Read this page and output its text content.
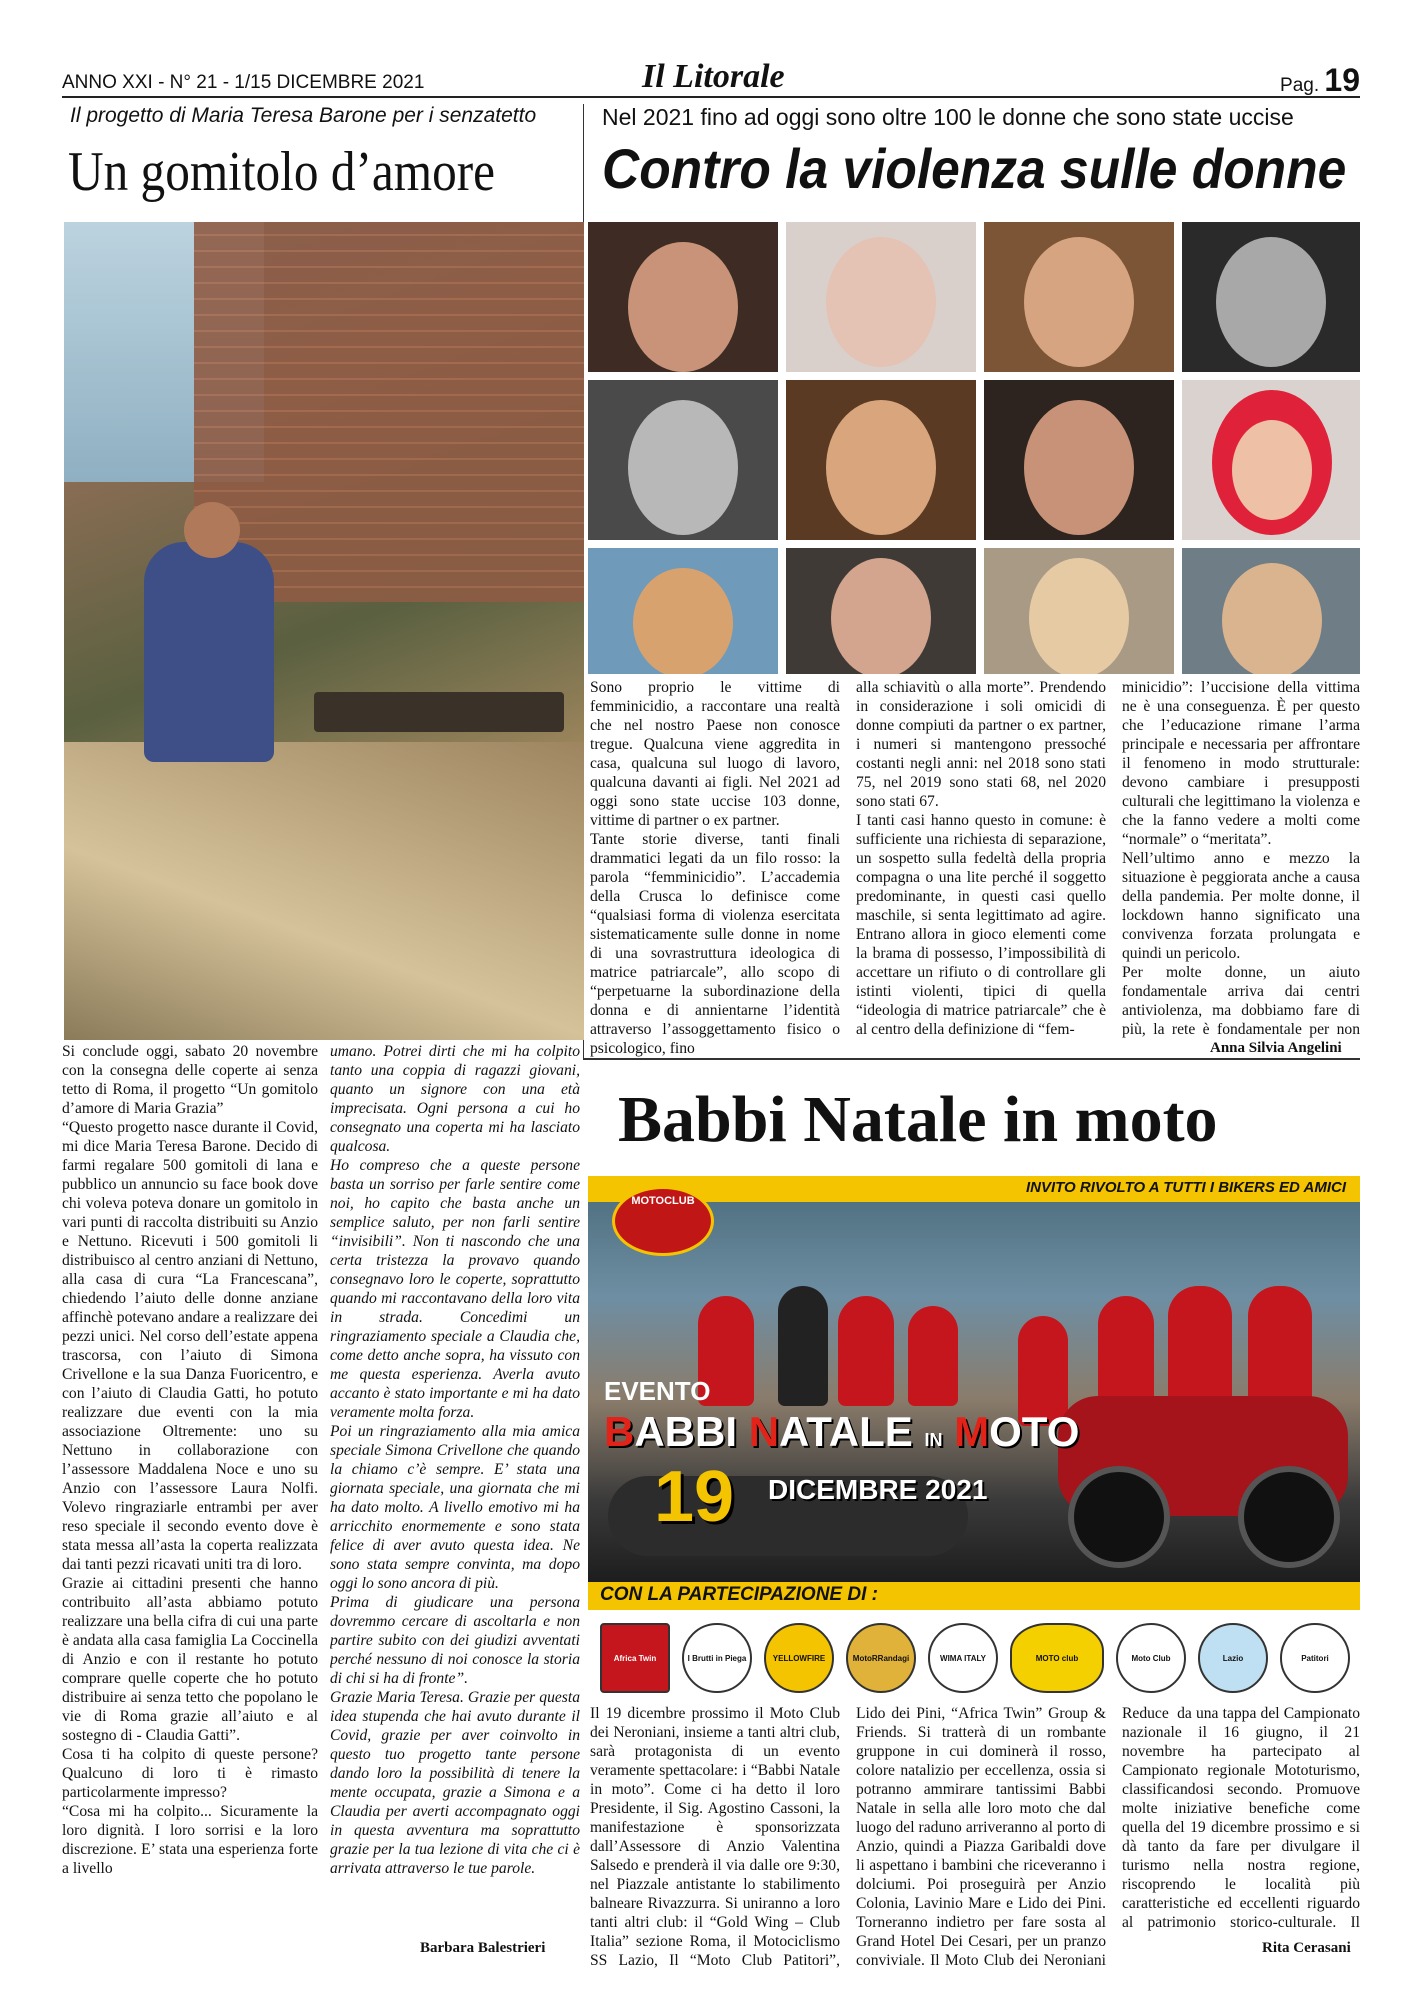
ANNO XXI - N° 21 - 1/15 DICEMBRE 2021	Il Litorale	Pag. 19
Il progetto di Maria Teresa Barone per i senzatetto
Un gomitolo d’amore
Si conclude oggi, sabato 20 novembre con la consegna delle coperte ai senza tetto di Roma, il progetto “Un gomitolo d’amore di Maria Grazia”
“Questo progetto nasce durante il Covid, mi dice Maria Teresa Barone. Decido di farmi regalare 500 gomitoli di lana e pubblico un annuncio su face book dove chi voleva poteva donare un gomitolo in vari punti di raccolta distribuiti su Anzio e Nettuno. Ricevuti i 500 gomitoli li distribuisco al centro anziani di Nettuno, alla casa di cura “La Francescana”, chiedendo l’aiuto delle donne anziane affinchè potevano andare a realizzare dei pezzi unici. Nel corso dell’estate appena trascorsa, con l’aiuto di Simona Crivellone e la sua Danza Fuoricentro, e con l’aiuto di Claudia Gatti, ho potuto realizzare due eventi con la mia associazione Oltremente: uno su Nettuno in collaborazione con l’assessore Maddalena Noce e uno su Anzio con l’assessore Laura Nolfi. Volevo ringraziarle entrambi per aver reso speciale il secondo evento dove è stata messa all’asta la coperta realizzata dai tanti pezzi ricavati uniti tra di loro.
Grazie ai cittadini presenti che hanno contribuito all’asta abbiamo potuto realizzare una bella cifra di cui una parte è andata alla casa famiglia La Coccinella di Anzio e con il restante ho potuto comprare quelle coperte che ho potuto distribuire ai senza tetto che popolano le vie di Roma grazie all’aiuto e al sostegno di - Claudia Gatti”.
Cosa ti ha colpito di queste persone? Qualcuno di loro ti è rimasto particolarmente impresso?
“Cosa mi ha colpito... Sicuramente la loro dignità. I loro sorrisi e la loro discrezione. E’ stata una esperienza forte a livello
umano. Potrei dirti che mi ha colpito tanto una coppia di ragazzi giovani, quanto un signore con una età imprecisata. Ogni persona a cui ho consegnato una coperta mi ha lasciato qualcosa.
Ho compreso che a queste persone basta un sorriso per farle sentire come noi, ho capito che basta anche un semplice saluto, per non farli sentire “invisibili”. Non ti nascondo che una certa tristezza la provavo quando consegnavo loro le coperte, soprattutto quando mi raccontavano della loro vita in strada. Concedimi un ringraziamento speciale a Claudia che, come detto anche sopra, ha vissuto con me questa esperienza. Averla avuto accanto è stato importante e mi ha dato veramente molta forza.
Poi un ringraziamento alla mia amica speciale Simona Crivellone che quando la chiamo c’è sempre. E’ stata una giornata speciale, una giornata che mi ha dato molto. A livello emotivo mi ha arricchito enormemente e sono stata felice di aver avuto questa idea. Ne sono stata sempre convinta, ma dopo oggi lo sono ancora di più.
Prima di giudicare una persona dovremmo cercare di ascoltarla e non partire subito con dei giudizi avventati perché nessuno di noi conosce la storia di chi si ha di fronte”.
Grazie Maria Teresa. Grazie per questa idea stupenda che hai avuto durante il Covid, grazie per aver coinvolto in questo tuo progetto tante persone dando loro la possibilità di tenere la mente occupata, grazie a Simona e a Claudia per averti accompagnato oggi in questa avventura ma soprattutto grazie per la tua lezione di vita che ci è arrivata attraverso le tue parole.
Barbara Balestrieri
Nel 2021 fino ad oggi sono oltre 100 le donne che sono state uccise
Contro la violenza sulle donne
Sono proprio le vittime di femminicidio, a raccontare una realtà che nel nostro Paese non conosce tregue. Qualcuna viene aggredita in casa, qualcuna sul luogo di lavoro, qualcuna davanti ai figli. Nel 2021 ad oggi sono state uccise 103 donne, vittime di partner o ex partner.
Tante storie diverse, tanti finali drammatici legati da un filo rosso: la parola “femminicidio”. L’accademia della Crusca lo definisce come “qualsiasi forma di violenza esercitata sistematicamente sulle donne in nome di una sovrastruttura ideologica di matrice patriarcale”, allo scopo di “perpetuarne la subordinazione della donna e di annientarne l’identità attraverso l’assoggettamento fisico o psicologico, fino
alla schiavitù o alla morte”. Prendendo in considerazione i soli omicidi di donne compiuti da partner o ex partner, i numeri si mantengono pressoché costanti negli anni: nel 2018 sono stati 75, nel 2019 sono stati 68, nel 2020 sono stati 67.
I tanti casi hanno questo in comune: è sufficiente una richiesta di separazione, un sospetto sulla fedeltà della propria compagna o una lite perché il soggetto predominante, in questi casi quello maschile, si senta legittimato ad agire. Entrano allora in gioco elementi come la brama di possesso, l’impossibilità di accettare un rifiuto o di controllare gli istinti violenti, tipici di quella “ideologia di matrice patriarcale” che è al centro della definizione di “fem-
minicidio”: l’uccisione della vittima ne è una conseguenza. È per questo che l’educazione rimane l’arma principale e necessaria per affrontare il fenomeno in modo strutturale: devono cambiare i presupposti culturali che legittimano la violenza e che la fanno vedere a molti come “normale” o “meritata”.
Nell’ultimo anno e mezzo la situazione è peggiorata anche a causa della pandemia. Per molte donne, il lockdown hanno significato una convivenza forzata prolungata e quindi un pericolo.
Per molte donne, un aiuto fondamentale arriva dai centri antiviolenza, ma dobbiamo fare di più, la rete è fondamentale per non
Anna Silvia Angelini
Babbi Natale in moto
INVITO RIVOLTO A TUTTI I BIKERS ED AMICI
MOTOCLUB
EVENTO
BABBI NATALE IN MOTO
19 DICEMBRE 2021
CON LA PARTECIPAZIONE DI :
Africa Twin	I Brutti in Piega	YELLOWFIRE	MotoRRandagi	WIMA ITALY	MOTO club	Moto Club	Lazio	Patitori
Il 19 dicembre prossimo il Moto Club dei Neroniani, insieme a tanti altri club, sarà protagonista di un evento veramente spettacolare: i “Babbi Natale in moto”. Come ci ha detto il loro Presidente, il Sig. Agostino Cassoni, la manifestazione è sponsorizzata dall’Assessore di Anzio Valentina Salsedo e prenderà il via dalle ore 9:30, nel Piazzale antistante lo stabilimento balneare Rivazzurra. Si uniranno a loro tanti altri club: il “Gold Wing – Club Italia” sezione Roma, il Motociclismo SS Lazio, Il “Moto Club Patitori”,
Lido dei Pini, “Africa Twin” Group & Friends. Si tratterà di un rombante gruppone in cui dominerà il rosso, colore natalizio per eccellenza, ossia si potranno ammirare tantissimi Babbi Natale in sella alle loro moto che dal luogo del raduno arriveranno al porto di Anzio, quindi a Piazza Garibaldi dove li aspettano i bambini che riceveranno i dolciumi. Poi proseguirà per Anzio Colonia, Lavinio Mare e Lido dei Pini. Torneranno indietro per fare sosta al Grand Hotel Dei Cesari, per un pranzo conviviale. Il Moto Club dei Neroniani
Reduce  da una tappa del Campionato nazionale il 16 giugno, il 21 novembre ha partecipato al Campionato regionale Mototurismo, classificandosi secondo. Promuove molte iniziative benefiche come quella del 19 dicembre prossimo e si dà tanto da fare per divulgare il turismo nella nostra regione, riscoprendo le località più caratteristiche ed eccellenti riguardo al patrimonio storico-culturale. Il
Rita Cerasani
